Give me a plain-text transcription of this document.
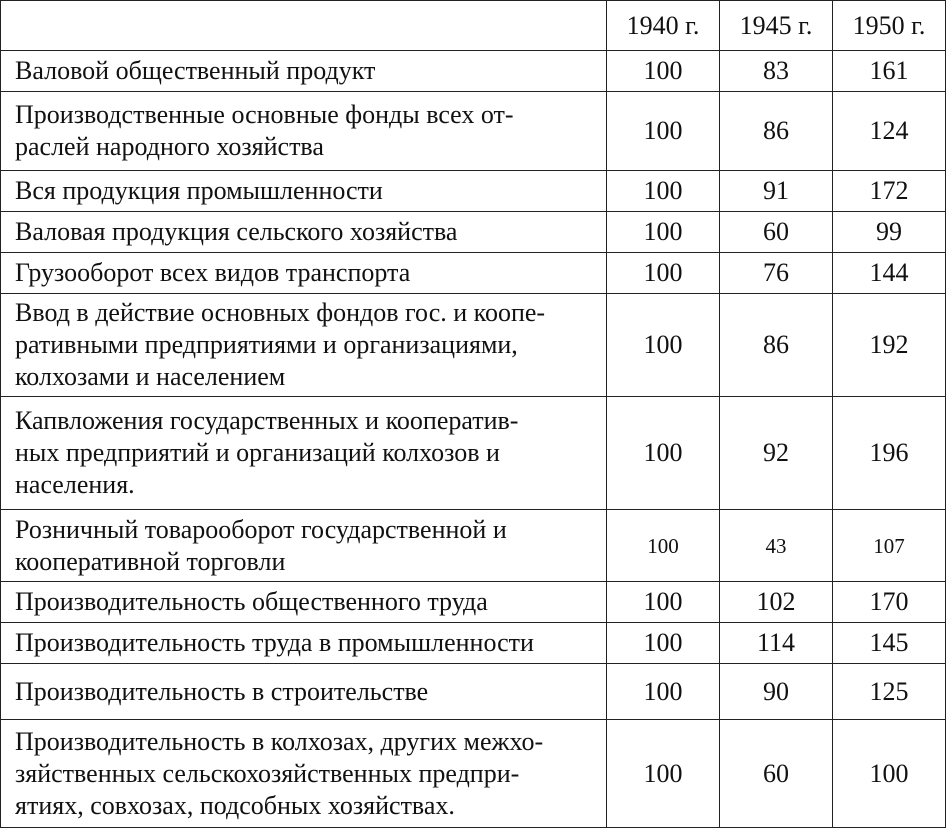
	1940 г.	1945 г.	1950 г.

Валовой общественный продукт	100	83	161

Производственные основные фонды всех от-
раслей народного хозяйства	100	86	124

Вся продукция промышленности	100	91	172

Валовая продукция сельского хозяйства	100	60	99

Грузооборот всех видов транспорта	100	76	144

Ввод в действие основных фондов гос. и коопе-
ративными предприятиями и организациями,
колхозами и населением	100	86	192

Капвложения государственных и кооператив-
ных предприятий и организаций колхозов и
населения.	100	92	196

Розничный товарооборот государственной и
кооперативной торговли	100	43	107

Производительность общественного труда	100	102	170

Производительность труда в промышленности	100	114	145

Производительность в строительстве	100	90	125

Производительность в колхозах, других межхо-
зяйственных сельскохозяйственных предпри-
ятиях, совхозах, подсобных хозяйствах.	100	60	100
